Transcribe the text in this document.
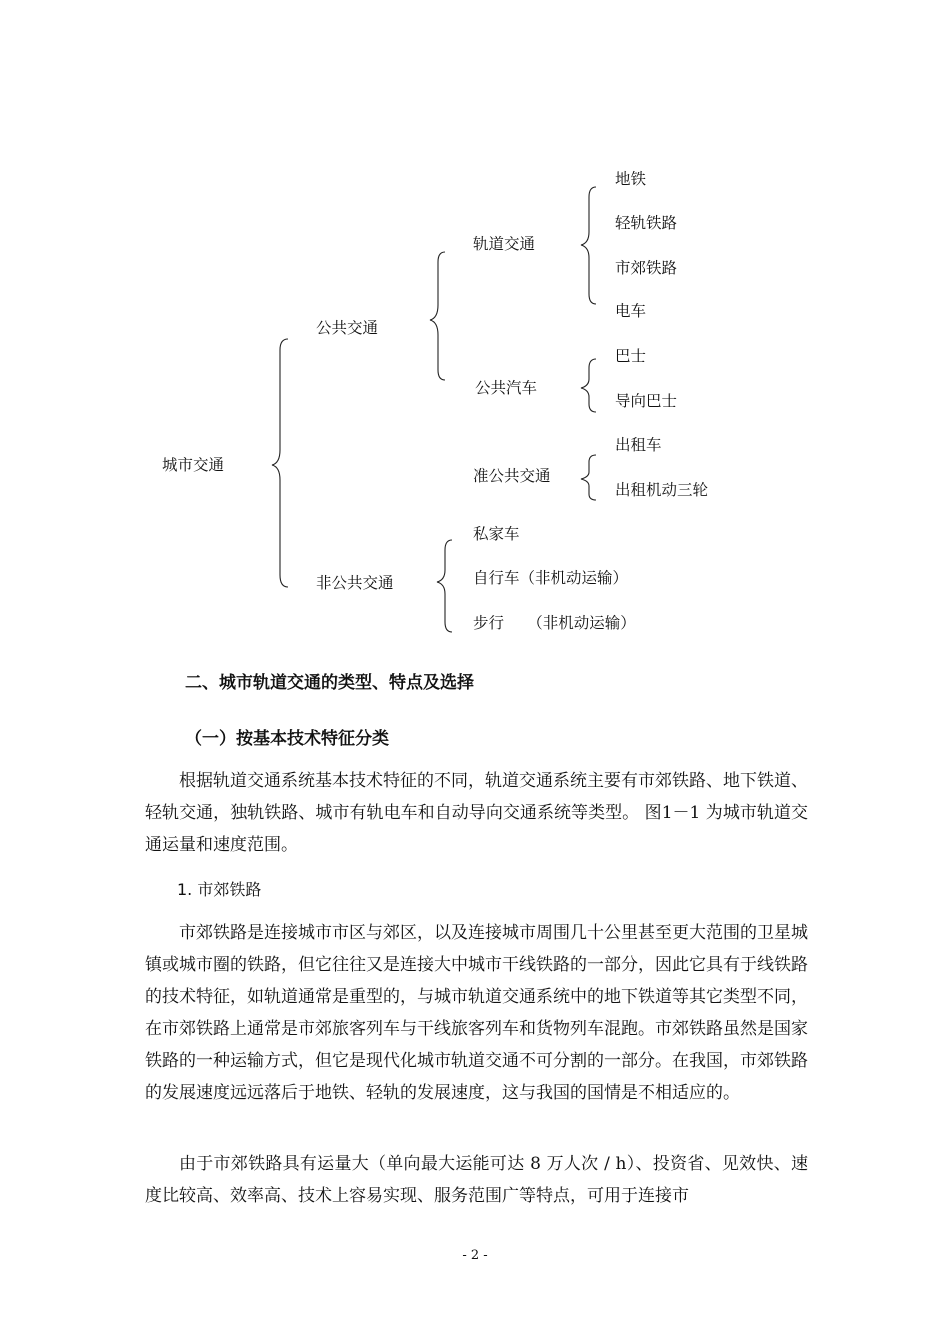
城市交通
公共交通
非公共交通
轨道交通
公共汽车
准公共交通
地铁
轻轨铁路
市郊铁路
电车
巴士
导向巴士
出租车
出租机动三轮
私家车
自行车（非机动运输）
步行　　（非机动运输）
二、城市轨道交通的类型、特点及选择
（一）按基本技术特征分类
根据轨道交通系统基本技术特征的不同，轨道交通系统主要有市郊铁路、地下铁道、轻轨交通，独轨铁路、城市有轨电车和自动导向交通系统等类型。 图1－1 为城市轨道交通运量和速度范围。
1. 市郊铁路
市郊铁路是连接城市市区与郊区，以及连接城市周围几十公里甚至更大范围的卫星城镇或城市圈的铁路，但它往往又是连接大中城市干线铁路的一部分，因此它具有于线铁路的技术特征，如轨道通常是重型的，与城市轨道交通系统中的地下铁道等其它类型不同，在市郊铁路上通常是市郊旅客列车与干线旅客列车和货物列车混跑。市郊铁路虽然是国家铁路的一种运输方式，但它是现代化城市轨道交通不可分割的一部分。在我国，市郊铁路的发展速度远远落后于地铁、轻轨的发展速度，这与我国的国情是不相适应的。
由于市郊铁路具有运量大（单向最大运能可达 8 万人次 / h）、投资省、见效快、速度比较高、效率高、技术上容易实现、服务范围广等特点，可用于连接市
- 2 -
